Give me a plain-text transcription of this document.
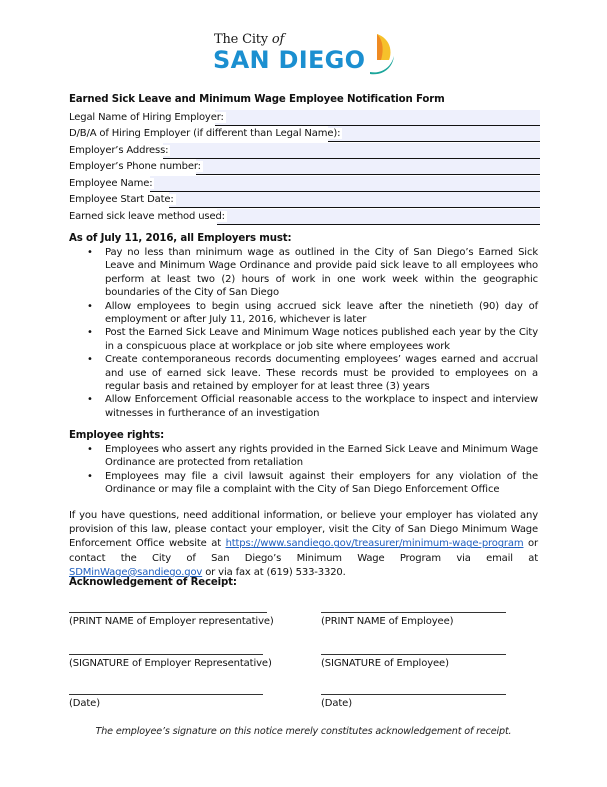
The City of
SAN DIEGO
Earned Sick Leave and Minimum Wage Employee Notification Form
Legal Name of Hiring Employer:
D/B/A of Hiring Employer (if different than Legal Name):
Employer’s Address:
Employer’s Phone number:
Employee Name:
Employee Start Date:
Earned sick leave method used:
As of July 11, 2016, all Employers must:
• Pay no less than minimum wage as outlined in the City of San Diego’s Earned Sick Leave and Minimum Wage Ordinance and provide paid sick leave to all employees who perform at least two (2) hours of work in one work week within the geographic boundaries of the City of San Diego
• Allow employees to begin using accrued sick leave after the ninetieth (90) day of employment or after July 11, 2016, whichever is later
• Post the Earned Sick Leave and Minimum Wage notices published each year by the City in a conspicuous place at workplace or job site where employees work
• Create contemporaneous records documenting employees’ wages earned and accrual and use of earned sick leave. These records must be provided to employees on a regular basis and retained by employer for at least three (3) years
• Allow Enforcement Official reasonable access to the workplace to inspect and interview witnesses in furtherance of an investigation
Employee rights:
• Employees who assert any rights provided in the Earned Sick Leave and Minimum Wage Ordinance are protected from retaliation
• Employees may file a civil lawsuit against their employers for any violation of the Ordinance or may file a complaint with the City of San Diego Enforcement Office
If you have questions, need additional information, or believe your employer has violated any provision of this law, please contact your employer, visit the City of San Diego Minimum Wage Enforcement Office website at https://www.sandiego.gov/treasurer/minimum-wage-program or contact the City of San Diego’s Minimum Wage Program via email at SDMinWage@sandiego.gov or via fax at (619) 533-3320.
Acknowledgement of Receipt:
(PRINT NAME of Employer representative)
(SIGNATURE of Employer Representative)
(Date)
(PRINT NAME of Employee)
(SIGNATURE of Employee)
(Date)
The employee’s signature on this notice merely constitutes acknowledgement of receipt.
